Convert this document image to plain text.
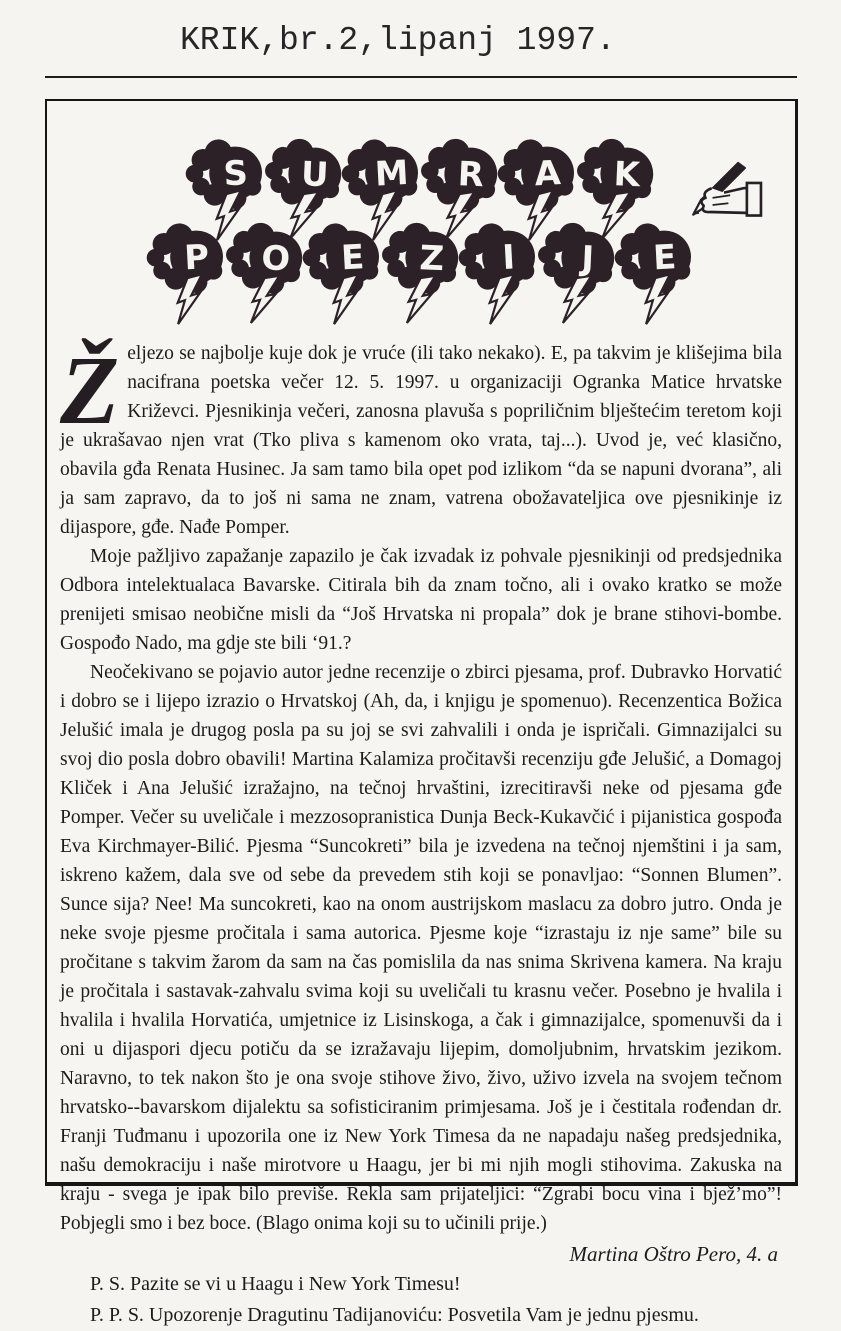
KRIK,br.2,lipanj 1997.
S U M R A K
P O E Z I J E

Željezo se najbolje kuje dok je vruće (ili tako nekako). E, pa takvim je klišejima bila nacifrana poetska večer 12. 5. 1997. u organizaciji Ogranka Matice hrvatske Križevci. Pjesnikinja večeri, zanosna plavuša s popriličnim blještećim teretom koji je ukrašavao njen vrat (Tko pliva s kamenom oko vrata, taj...). Uvod je, već klasično, obavila gđa Renata Husinec. Ja sam tamo bila opet pod izlikom “da se napuni dvorana”, ali ja sam zapravo, da to još ni sama ne znam, vatrena obožavateljica ove pjesnikinje iz dijaspore, gđe. Nađe Pomper.

Moje pažljivo zapažanje zapazilo je čak izvadak iz pohvale pjesnikinji od predsjednika Odbora intelektualaca Bavarske. Citirala bih da znam točno, ali i ovako kratko se može prenijeti smisao neobične misli da “Još Hrvatska ni propala” dok je brane stihovi-bombe. Gospođo Nado, ma gdje ste bili ‘91.?

Neočekivano se pojavio autor jedne recenzije o zbirci pjesama, prof. Dubravko Horvatić i dobro se i lijepo izrazio o Hrvatskoj (Ah, da, i knjigu je spomenuo). Recenzentica Božica Jelušić imala je drugog posla pa su joj se svi zahvalili i onda je ispričali. Gimnazijalci su svoj dio posla dobro obavili! Martina Kalamiza pročitavši recenziju gđe Jelušić, a Domagoj Kliček i Ana Jelušić izražajno, na tečnoj hrvaštini, izrecitiravši neke od pjesama gđe Pomper. Večer su uveličale i mezzosopranistica Dunja Beck-Kukavčić i pijanistica gospođa Eva Kirchmayer-Bilić. Pjesma “Suncokreti” bila je izvedena na tečnoj njemštini i ja sam, iskreno kažem, dala sve od sebe da prevedem stih koji se ponavljao: “Sonnen Blumen”. Sunce sija? Nee! Ma suncokreti, kao na onom austrijskom maslacu za dobro jutro. Onda je neke svoje pjesme pročitala i sama autorica. Pjesme koje “izrastaju iz nje same” bile su pročitane s takvim žarom da sam na čas pomislila da nas snima Skrivena kamera. Na kraju je pročitala i sastavak-zahvalu svima koji su uveličali tu krasnu večer. Posebno je hvalila i hvalila i hvalila Horvatića, umjetnice iz Lisinskoga, a čak i gimnazijalce, spomenuvši da i oni u dijaspori djecu potiču da se izražavaju lijepim, domoljubnim, hrvatskim jezikom. Naravno, to tek nakon što je ona svoje stihove živo, živo, uživo izvela na svojem tečnom hrvatsko--bavarskom dijalektu sa sofisticiranim primjesama. Još je i čestitala rođendan dr. Franji Tuđmanu i upozorila one iz New York Timesa da ne napadaju našeg predsjednika, našu demokraciju i naše mirotvore u Haagu, jer bi mi njih mogli stihovima. Zakuska na kraju - svega je ipak bilo previše. Rekla sam prijateljici: “Zgrabi bocu vina i bjež’mo”! Pobjegli smo i bez boce. (Blago onima koji su to učinili prije.)

Martina Oštro Pero, 4. a
P. S. Pazite se vi u Haagu i New York Timesu!
P. P. S. Upozorenje Dragutinu Tadijanoviću: Posvetila Vam je jednu pjesmu.
